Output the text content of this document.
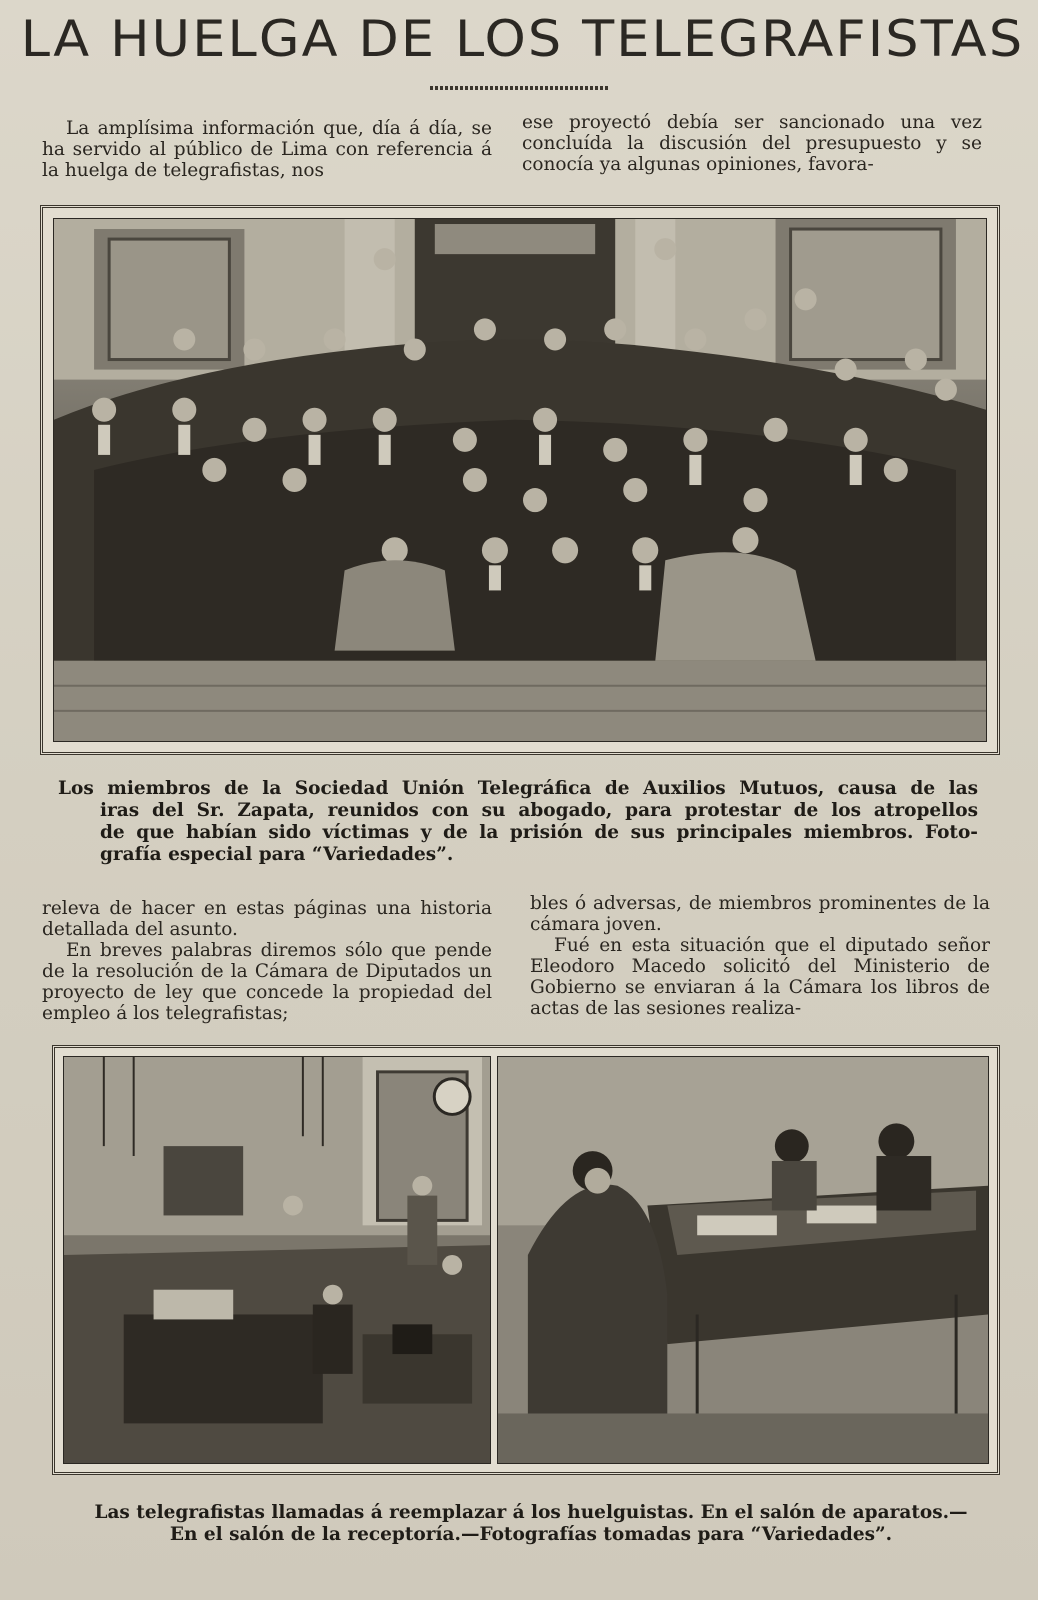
LA HUELGA DE LOS TELEGRAFISTAS

La amplísima información que, día á día, se ha servido al público de Lima con referencia á la huelga de telegrafistas, nos

ese proyectó debía ser sancionado una vez concluída la discusión del presupuesto y se conocía ya algunas opiniones, favora-

Los miembros de la Sociedad Unión Telegráfica de Auxilios Mutuos, causa de las
iras del Sr. Zapata, reunidos con su abogado, para protestar de los atropellos
de que habían sido víctimas y de la prisión de sus principales miembros. Foto-
grafía especial para “Variedades”.

releva de hacer en estas páginas una historia detallada del asunto.

En breves palabras diremos sólo que pende de la resolución de la Cámara de Diputados un proyecto de ley que concede la propiedad del empleo á los telegrafistas;

bles ó adversas, de miembros prominentes de la cámara joven.

Fué en esta situación que el diputado señor Eleodoro Macedo solicitó del Ministerio de Gobierno se enviaran á la Cámara los libros de actas de las sesiones realiza-

Las telegrafistas llamadas á reemplazar á los huelguistas. En el salón de aparatos.—
En el salón de la receptoría.—Fotografías tomadas para “Variedades”.
